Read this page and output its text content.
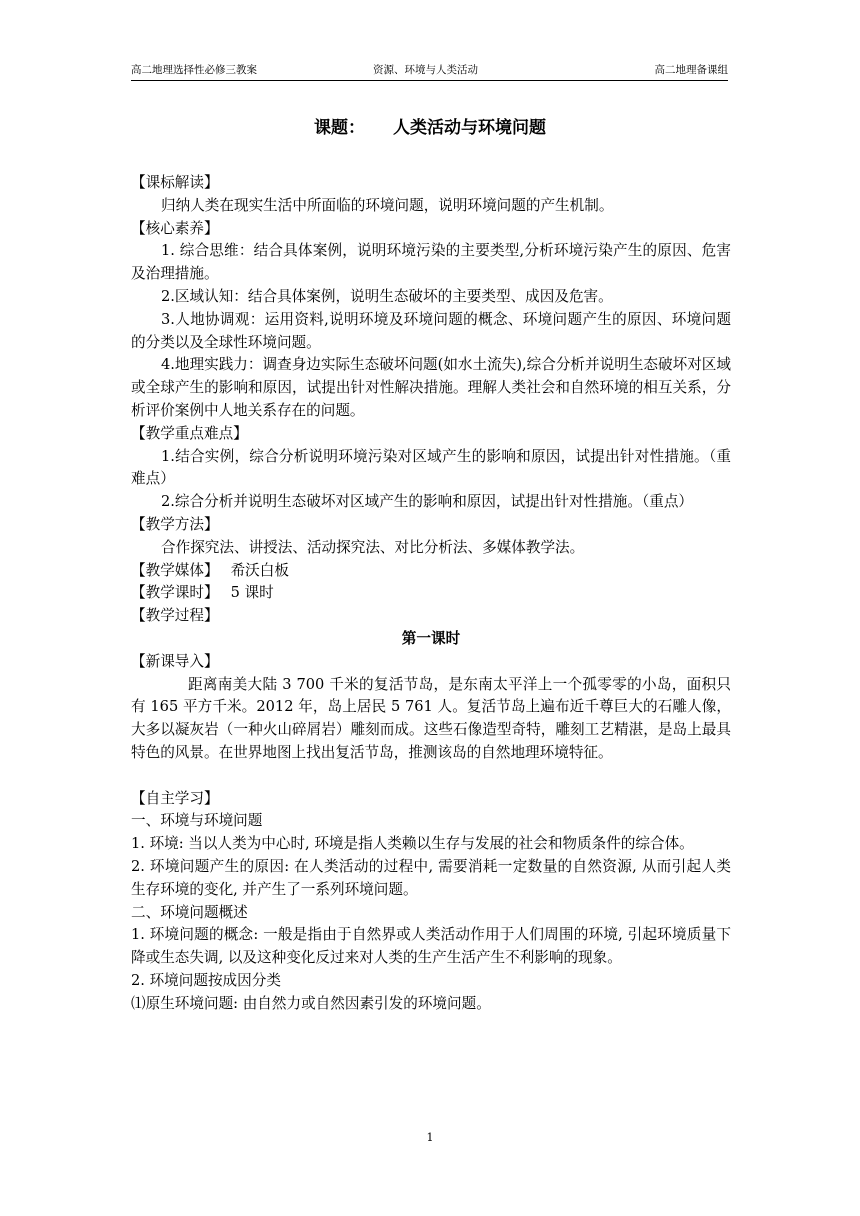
高二地理选择性必修三教案	资源、环境与人类活动	高二地理备课组
课题： 人类活动与环境问题

【课标解读】

归纳人类在现实生活中所面临的环境问题，说明环境问题的产生机制。

【核心素养】

1. 综合思维：结合具体案例，说明环境污染的主要类型,分析环境污染产生的原因、危害及治理措施。

2.区域认知：结合具体案例，说明生态破坏的主要类型、成因及危害。

3.人地协调观：运用资料,说明环境及环境问题的概念、环境问题产生的原因、环境问题的分类以及全球性环境问题。

4.地理实践力：调查身边实际生态破坏问题(如水土流失),综合分析并说明生态破坏对区域或全球产生的影响和原因，试提出针对性解决措施。理解人类社会和自然环境的相互关系，分析评价案例中人地关系存在的问题。

【教学重点难点】

1.结合实例，综合分析说明环境污染对区域产生的影响和原因，试提出针对性措施。（重难点）

2.综合分析并说明生态破坏对区域产生的影响和原因，试提出针对性措施。（重点）

【教学方法】

合作探究法、讲授法、活动探究法、对比分析法、多媒体教学法。

【教学媒体】 希沃白板

【教学课时】 5 课时

【教学过程】

第一课时

【新课导入】

距离南美大陆 3 700 千米的复活节岛，是东南太平洋上一个孤零零的小岛，面积只有 165 平方千米。2012 年，岛上居民 5 761 人。复活节岛上遍布近千尊巨大的石雕人像，大多以凝灰岩（一种火山碎屑岩）雕刻而成。这些石像造型奇特，雕刻工艺精湛，是岛上最具特色的风景。在世界地图上找出复活节岛，推测该岛的自然地理环境特征。

【自主学习】

一、环境与环境问题

1. 环境: 当以人类为中心时, 环境是指人类赖以生存与发展的社会和物质条件的综合体。

2. 环境问题产生的原因: 在人类活动的过程中, 需要消耗一定数量的自然资源, 从而引起人类生存环境的变化, 并产生了一系列环境问题。

二、环境问题概述

1. 环境问题的概念: 一般是指由于自然界或人类活动作用于人们周围的环境, 引起环境质量下降或生态失调, 以及这种变化反过来对人类的生产生活产生不利影响的现象。

2. 环境问题按成因分类

⑴原生环境问题: 由自然力或自然因素引发的环境问题。

1
